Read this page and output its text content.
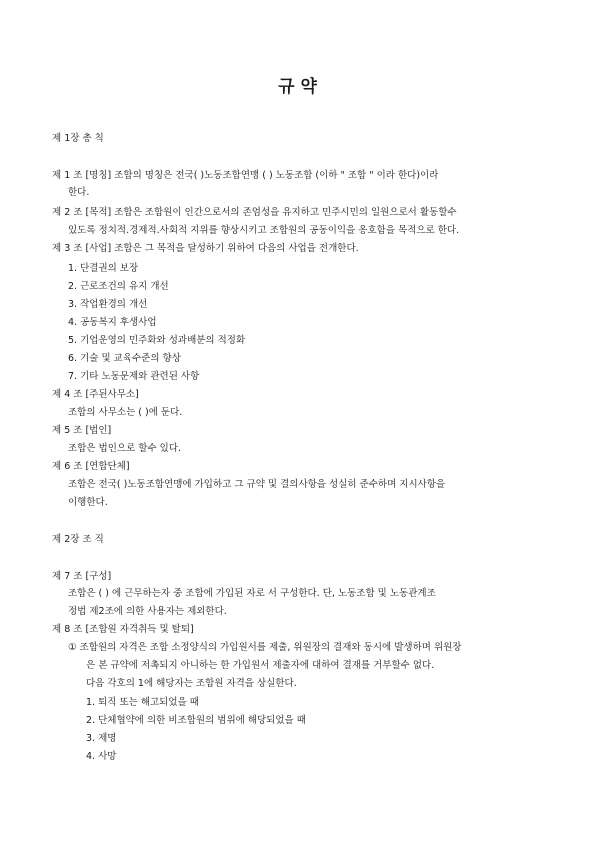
규 약
제 1장 총 칙
제 1 조 [명칭] 조합의 명칭은 전국( )노동조합연맹 ( ) 노동조합 (이하 " 조합 " 이라 한다)이라
한다.
제 2 조 [목적] 조합은 조합원이 인간으로서의 존엄성을 유지하고 민주시민의 일원으로서 활동할수
있도록 정치적.경제적.사회적 지위를 향상시키고 조합원의 공동이익을 옹호함을 목적으로 한다.
제 3 조 [사업] 조합은 그 목적을 달성하기 위하여 다음의 사업을 전개한다.
1. 단결권의 보장
2. 근로조건의 유지 개선
3. 작업환경의 개선
4. 공동복지 후생사업
5. 기업운영의 민주화와 성과배분의 적정화
6. 기술 및 교육수준의 향상
7. 기타 노동문제와 관련된 사항
제 4 조 [주된사무소]
조합의 사무소는 ( )에 둔다.
제 5 조 [법인]
조합은 법인으로 할수 있다.
제 6 조 [연합단체]
조합은 전국( )노동조합연맹에 가입하고 그 규약 및 결의사항을 성실히 준수하며 지시사항을
이행한다.
제 2장 조 직
제 7 조 [구성]
조합은 ( ) 에 근무하는자 중 조합에 가입된 자로 서 구성한다. 단, 노동조합 및 노동관계조
정법 제2조에 의한 사용자는 제외한다.
제 8 조 [조합원 자격취득 및 탈퇴]
① 조합원의 자격은 조합 소정양식의 가입원서를 제출, 위원장의 결재와 동시에 발생하며 위원장
은 본 규약에 저촉되지 아니하는 한 가입원서 제출자에 대하여 결재를 거부할수 없다.
다음 각호의 1에 해당자는 조합원 자격을 상실한다.
1. 퇴직 또는 해고되었을 때
2. 단체협약에 의한 비조합원의 범위에 해당되었을 때
3. 제명
4. 사망
